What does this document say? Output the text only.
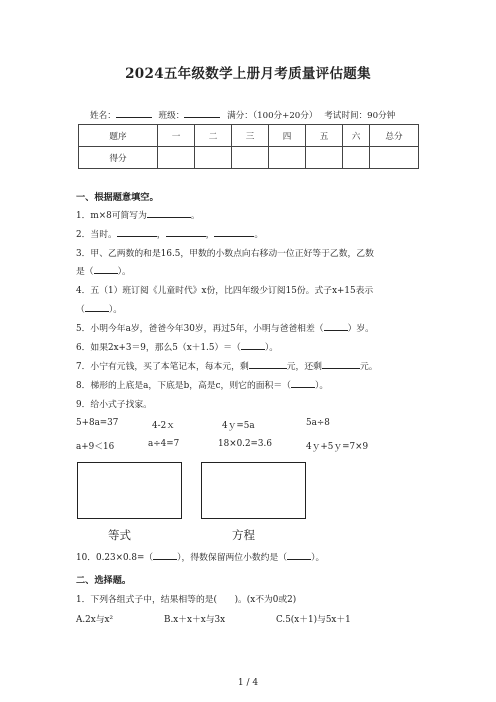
2024五年级数学上册月考质量评估题集
姓名：	班级：	满分：（100分+20分） 考试时间：90分钟
题序	一	二	三	四	五	六	总分
得分							
一、根据题意填空。
1．m×8可简写为	。
2．当时。	，	，	。
3．甲、乙两数的和是16.5，甲数的小数点向右移动一位正好等于乙数，乙数
是（	）。
4．五（1）班订阅《儿童时代》x份，比四年级少订阅15份。式子x+15表示
（	）。
5．小明今年a岁，爸爸今年30岁，再过5年，小明与爸爸相差（	）岁。
6．如果2x+3＝9，那么5（x＋1.5）＝（	）。
7．小宁有元钱，买了本笔记本，每本元，剩	元，还剩	元。
8．梯形的上底是a，下底是b，高是c，则它的面积＝（	）。
9．给小式子找家。
5+8a=37	4-2ｘ	4ｙ=5a	5a÷8
a+9＜16	a÷4=7	18×0.2=3.6	4ｙ+5ｙ=7×9
等式	方程
10．0.23×0.8=（	），得数保留两位小数约是（	）。
二、选择题。
1．下列各组式子中，结果相等的是(　　)。(x不为0或2)
A.2x与x²	B.x＋x＋x与3x	C.5(x＋1)与5x＋1
1 / 4
